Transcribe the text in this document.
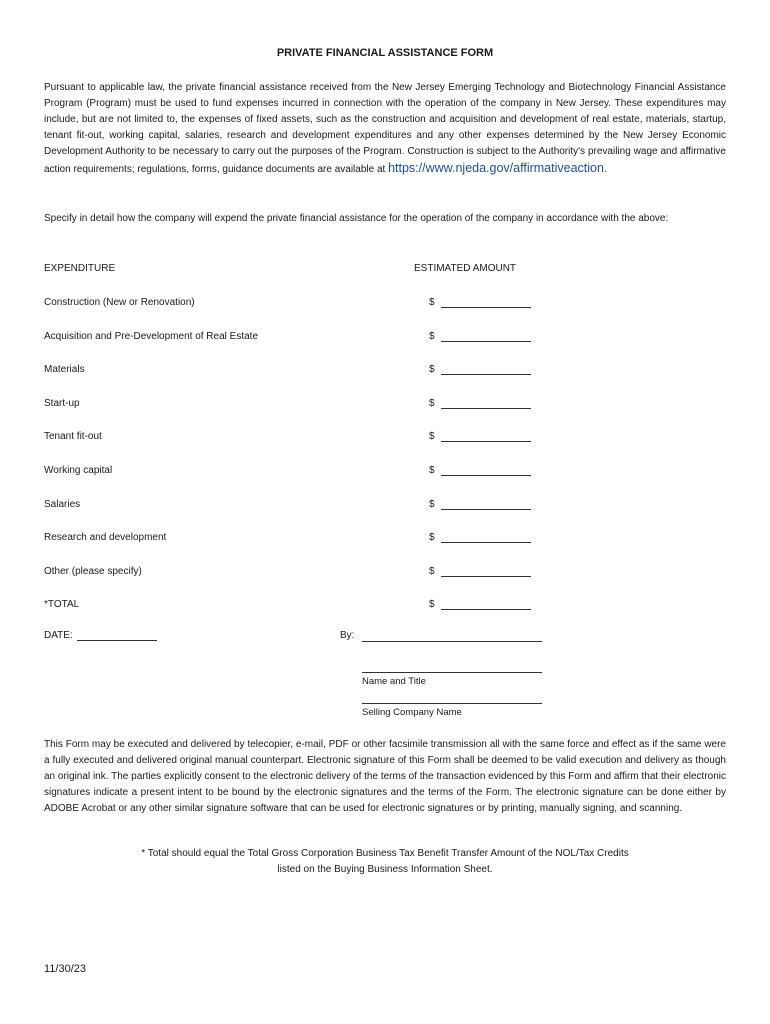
PRIVATE FINANCIAL ASSISTANCE FORM
Pursuant to applicable law, the private financial assistance received from the New Jersey Emerging Technology and Biotechnology Financial Assistance Program (Program) must be used to fund expenses incurred in connection with the operation of the company in New Jersey. These expenditures may include, but are not limited to, the expenses of fixed assets, such as the construction and acquisition and development of real estate, materials, startup, tenant fit-out, working capital, salaries, research and development expenditures and any other expenses determined by the New Jersey Economic Development Authority to be necessary to carry out the purposes of the Program. Construction is subject to the Authority's prevailing wage and affirmative action requirements; regulations, forms, guidance documents are available at https://www.njeda.gov/affirmativeaction.
Specify in detail how the company will expend the private financial assistance for the operation of the company in accordance with the above:
EXPENDITURE	ESTIMATED AMOUNT
Construction (New or Renovation)	$
Acquisition and Pre-Development of Real Estate	$
Materials	$
Start-up	$
Tenant fit-out	$
Working capital	$
Salaries	$
Research and development	$
Other (please specify)	$
*TOTAL	$
DATE:	By:
Name and Title
Selling Company Name
This Form may be executed and delivered by telecopier, e-mail, PDF or other facsimile transmission all with the same force and effect as if the same were a fully executed and delivered original manual counterpart. Electronic signature of this Form shall be deemed to be valid execution and delivery as though an original ink. The parties explicitly consent to the electronic delivery of the terms of the transaction evidenced by this Form and affirm that their electronic signatures indicate a present intent to be bound by the electronic signatures and the terms of the Form. The electronic signature can be done either by ADOBE Acrobat or any other similar signature software that can be used for electronic signatures or by printing, manually signing, and scanning.
* Total should equal the Total Gross Corporation Business Tax Benefit Transfer Amount of the NOL/Tax Credits
listed on the Buying Business Information Sheet.
11/30/23
